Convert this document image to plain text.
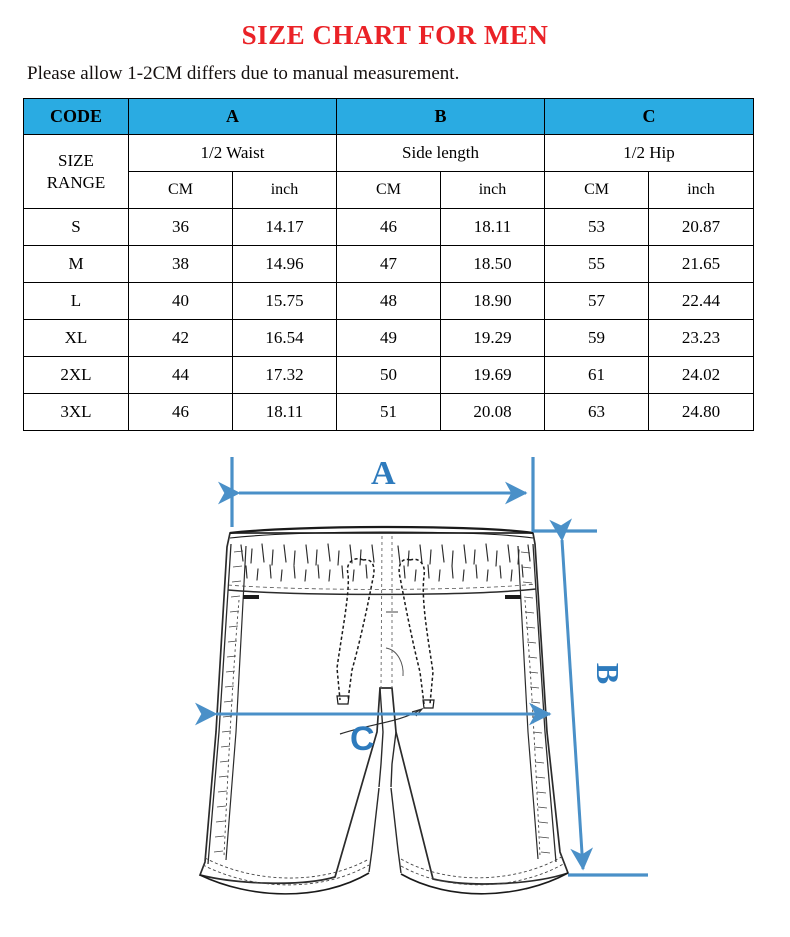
SIZE CHART FOR MEN
Please allow 1-2CM differs due to manual measurement.
CODE	A		B		C	
SIZE
RANGE	1/2 Waist		Side length		1/2 Hip	
	CM	inch	CM	inch	CM	inch
S	36	14.17	46	18.11	53	20.87
M	38	14.96	47	18.50	55	21.65
L	40	15.75	48	18.90	57	22.44
XL	42	16.54	49	19.29	59	23.23
2XL	44	17.32	50	19.69	61	24.02
3XL	46	18.11	51	20.08	63	24.80
A
B
C
